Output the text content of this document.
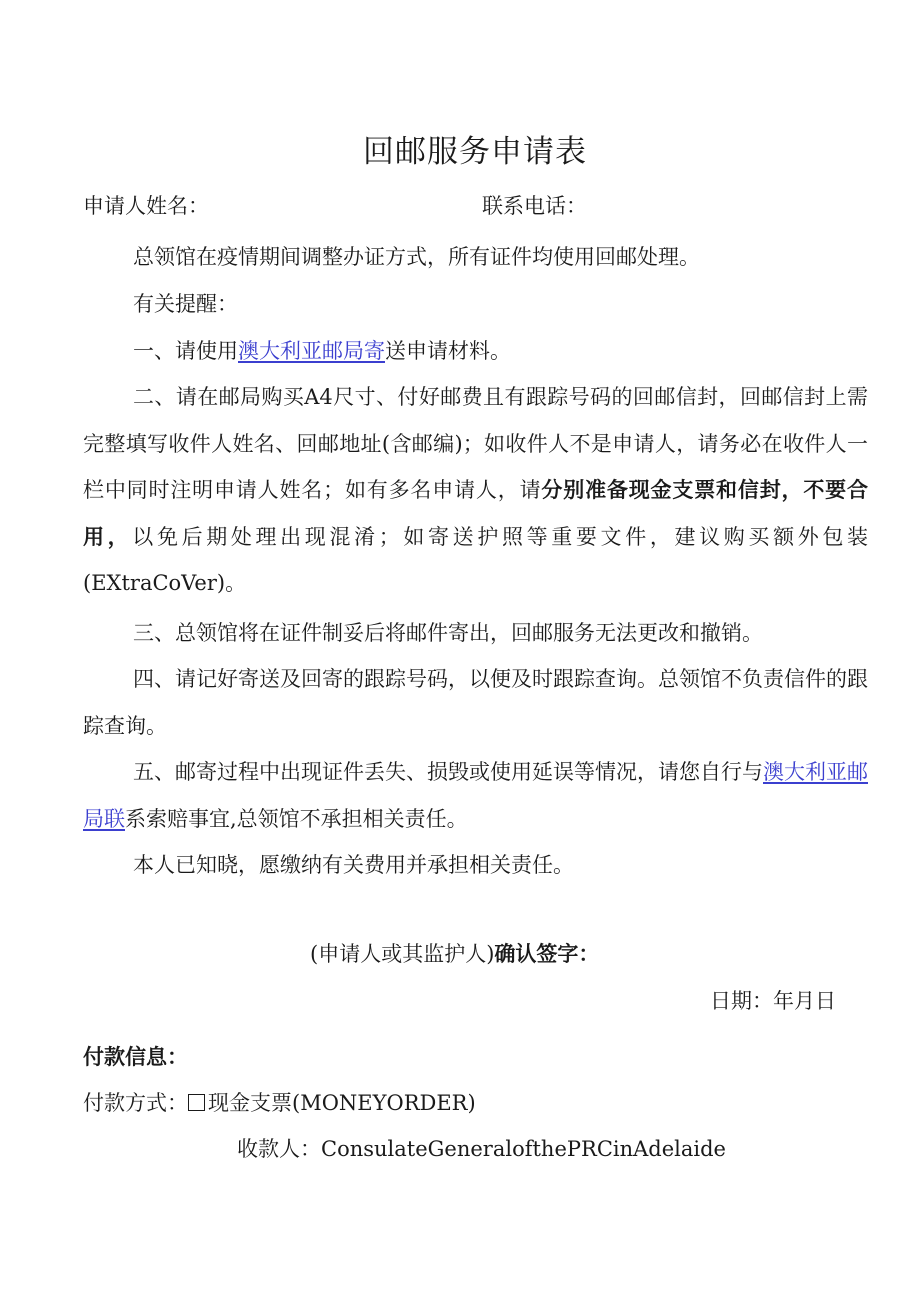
回邮服务申请表
申请人姓名：	联系电话：

总领馆在疫情期间调整办证方式，所有证件均使用回邮处理。

有关提醒：

一、请使用澳大利亚邮局寄送申请材料。

二、请在邮局购买A4尺寸、付好邮费且有跟踪号码的回邮信封，回邮信封上需完整填写收件人姓名、回邮地址(含邮编)；如收件人不是申请人，请务必在收件人一栏中同时注明申请人姓名；如有多名申请人，请分别准备现金支票和信封，不要合用，以免后期处理出现混淆；如寄送护照等重要文件，建议购买额外包装(EXtraCoVer)。

三、总领馆将在证件制妥后将邮件寄出，回邮服务无法更改和撤销。

四、请记好寄送及回寄的跟踪号码，以便及时跟踪查询。总领馆不负责信件的跟踪查询。

五、邮寄过程中出现证件丢失、损毁或使用延误等情况，请您自行与澳大利亚邮局联系索赔事宜,总领馆不承担相关责任。

本人已知晓，愿缴纳有关费用并承担相关责任。

(申请人或其监护人)确认签字：
日期：年月日
付款信息：
付款方式： 现金支票(MONEYORDER)
收款人：ConsulateGeneralofthePRCinAdelaide
